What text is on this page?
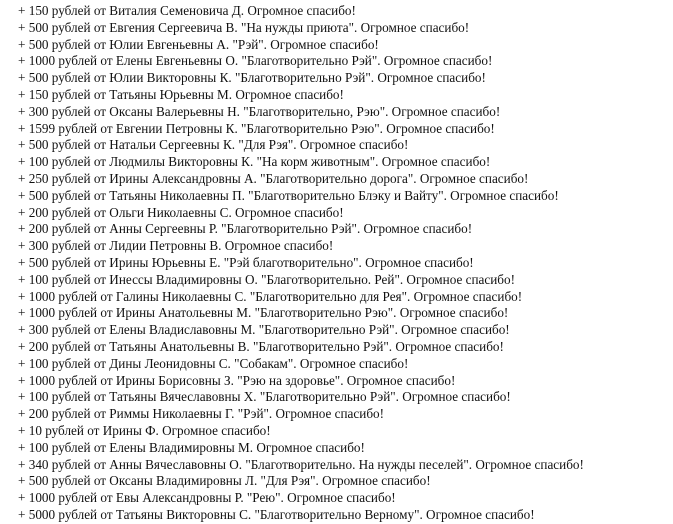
+ 150 рублей от Виталия Семеновича Д. Огромное спасибо!
+ 500 рублей от Евгения Сергеевича В. "На нужды приюта". Огромное спасибо!
+ 500 рублей от Юлии Евгеньевны А. "Рэй". Огромное спасибо!
+ 1000 рублей от Елены Евгеньевны О. "Благотворительно Рэй". Огромное спасибо!
+ 500 рублей от Юлии Викторовны К. "Благотворительно Рэй". Огромное спасибо!
+ 150 рублей от Татьяны Юрьевны М. Огромное спасибо!
+ 300 рублей от Оксаны Валерьевны Н. "Благотворительно, Рэю". Огромное спасибо!
+ 1599 рублей от Евгении Петровны К. "Благотворительно Рэю". Огромное спасибо!
+ 500 рублей от Натальи Сергеевны К. "Для Рэя". Огромное спасибо!
+ 100 рублей от Людмилы Викторовны К. "На корм животным". Огромное спасибо!
+ 250 рублей от Ирины Александровны А. "Благотворительно дорога". Огромное спасибо!
+ 500 рублей от Татьяны Николаевны П. "Благотворительно Блэку и Вайту". Огромное спасибо!
+ 200 рублей от Ольги Николаевны С. Огромное спасибо!
+ 200 рублей от Анны Сергеевны Р. "Благотворительно Рэй". Огромное спасибо!
+ 300 рублей от Лидии Петровны В. Огромное спасибо!
+ 500 рублей от Ирины Юрьевны Е. "Рэй благотворительно". Огромное спасибо!
+ 100 рублей от Инессы Владимировны О. "Благотворительно. Рей". Огромное спасибо!
+ 1000 рублей от Галины Николаевны С. "Благотворительно для Рея". Огромное спасибо!
+ 1000 рублей от Ирины Анатольевны М. "Благотворительно Рэю". Огромное спасибо!
+ 300 рублей от Елены Владиславовны М. "Благотворительно Рэй". Огромное спасибо!
+ 200 рублей от Татьяны Анатольевны В. "Благотворительно Рэй". Огромное спасибо!
+ 100 рублей от Дины Леонидовны С. "Собакам". Огромное спасибо!
+ 1000 рублей от Ирины Борисовны З. "Рэю на здоровье". Огромное спасибо!
+ 100 рублей от Татьяны Вячеславовны Х. "Благотворительно Рэй". Огромное спасибо!
+ 200 рублей от Риммы Николаевны Г. "Рэй". Огромное спасибо!
+ 10 рублей от Ирины Ф. Огромное спасибо!
+ 100 рублей от Елены Владимировны М. Огромное спасибо!
+ 340 рублей от Анны Вячеславовны О. "Благотворительно. На нужды песелей". Огромное спасибо!
+ 500 рублей от Оксаны Владимировны Л. "Для Рэя". Огромное спасибо!
+ 1000 рублей от Евы Александровны Р. "Рею". Огромное спасибо!
+ 5000 рублей от Татьяны Викторовны С. "Благотворительно Верному". Огромное спасибо!
